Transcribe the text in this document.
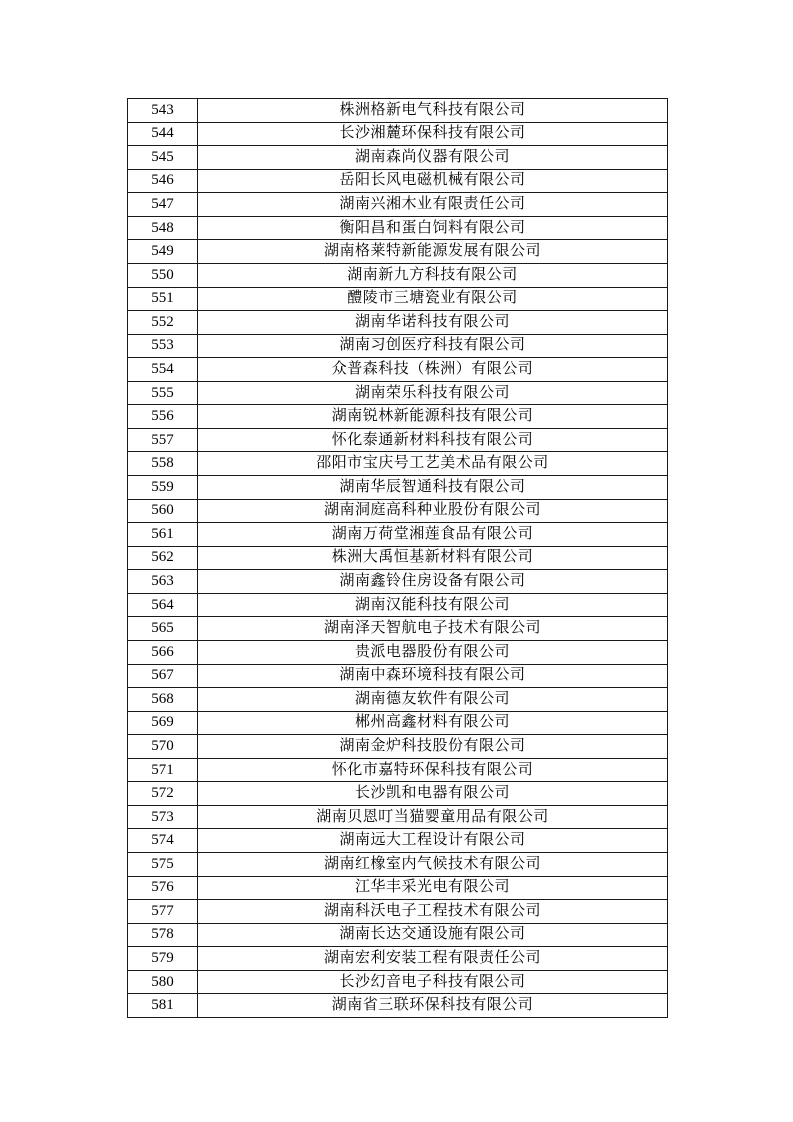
543	株洲格新电气科技有限公司
544	长沙湘麓环保科技有限公司
545	湖南森尚仪器有限公司
546	岳阳长风电磁机械有限公司
547	湖南兴湘木业有限责任公司
548	衡阳昌和蛋白饲料有限公司
549	湖南格莱特新能源发展有限公司
550	湖南新九方科技有限公司
551	醴陵市三塘瓷业有限公司
552	湖南华诺科技有限公司
553	湖南习创医疗科技有限公司
554	众普森科技（株洲）有限公司
555	湖南荣乐科技有限公司
556	湖南锐林新能源科技有限公司
557	怀化泰通新材料科技有限公司
558	邵阳市宝庆号工艺美术品有限公司
559	湖南华辰智通科技有限公司
560	湖南洞庭高科种业股份有限公司
561	湖南万荷堂湘莲食品有限公司
562	株洲大禹恒基新材料有限公司
563	湖南鑫铃住房设备有限公司
564	湖南汉能科技有限公司
565	湖南泽天智航电子技术有限公司
566	贵派电器股份有限公司
567	湖南中森环境科技有限公司
568	湖南德友软件有限公司
569	郴州高鑫材料有限公司
570	湖南金炉科技股份有限公司
571	怀化市嘉特环保科技有限公司
572	长沙凯和电器有限公司
573	湖南贝恩叮当猫婴童用品有限公司
574	湖南远大工程设计有限公司
575	湖南红橡室内气候技术有限公司
576	江华丰采光电有限公司
577	湖南科沃电子工程技术有限公司
578	湖南长达交通设施有限公司
579	湖南宏利安装工程有限责任公司
580	长沙幻音电子科技有限公司
581	湖南省三联环保科技有限公司
